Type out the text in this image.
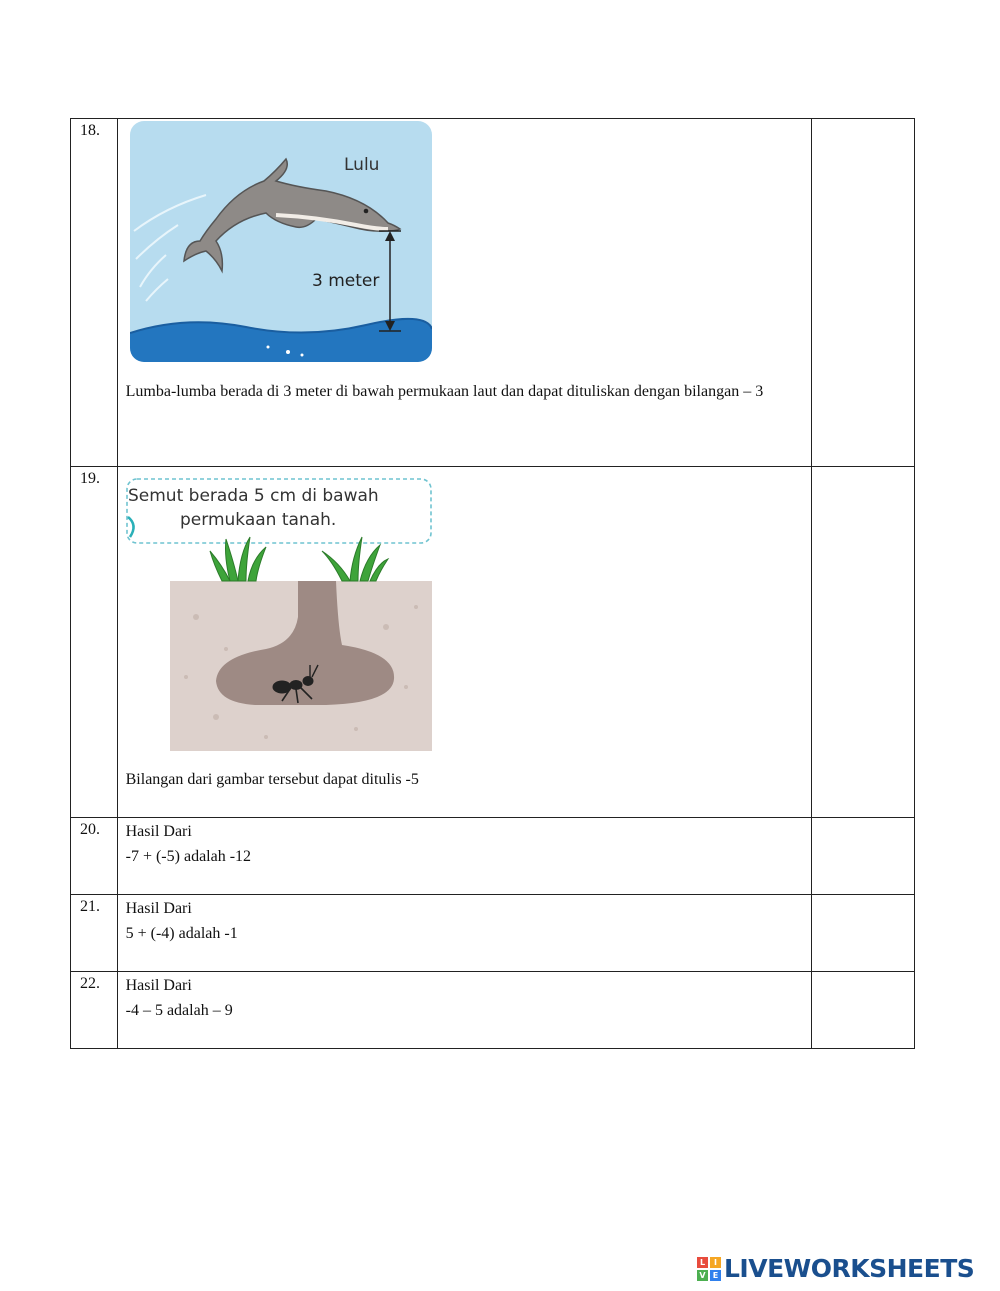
18.	Lulu
3 meter
Lumba-lumba berada di 3 meter di bawah permukaan laut dan dapat dituliskan dengan bilangan – 3	

19.	Semut berada 5 cm di bawah
permukaan tanah.
Bilangan dari gambar tersebut dapat ditulis -5	

20.	Hasil Dari
-7 + (-5) adalah -12	

21.	Hasil Dari
5 + (-4) adalah -1	

22.	Hasil Dari
-4 – 5 adalah – 9	

L	I
V E LIVEWORKSHEETS
